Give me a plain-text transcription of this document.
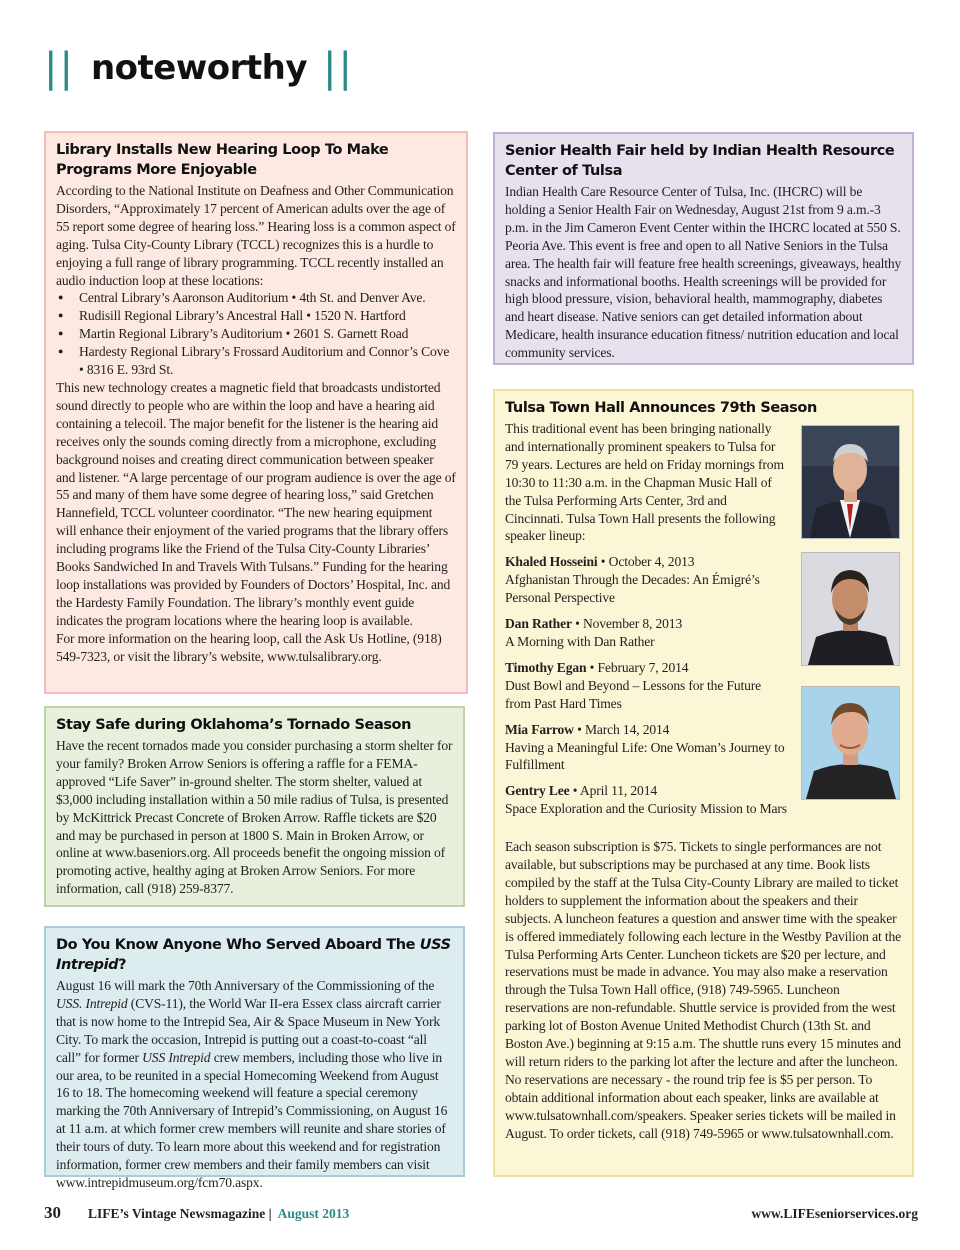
|| noteworthy ||
Library Installs New Hearing Loop To Make Programs More Enjoyable

According to the National Institute on Deafness and Other Communication Disorders, “Approximately 17 percent of American adults over the age of 55 report some degree of hearing loss.” Hearing loss is a common aspect of aging. Tulsa City-County Library (TCCL) recognizes this is a hurdle to enjoying a full range of library programming. TCCL recently installed an audio induction loop at these locations:

● Central Library’s Aaronson Auditorium • 4th St. and Denver Ave.
● Rudisill Regional Library’s Ancestral Hall • 1520 N. Hartford
● Martin Regional Library’s Auditorium • 2601 S. Garnett Road
● Hardesty Regional Library’s Frossard Auditorium and Connor’s Cove • 8316 E. 93rd St.

This new technology creates a magnetic field that broadcasts undistorted sound directly to people who are within the loop and have a hearing aid containing a telecoil. The major benefit for the listener is the hearing aid receives only the sounds coming directly from a microphone, excluding background noises and creating direct communication between speaker and listener. “A large percentage of our program audience is over the age of 55 and many of them have some degree of hearing loss,” said Gretchen Hannefield, TCCL volunteer coordinator. “The new hearing equipment will enhance their enjoyment of the varied programs that the library offers including programs like the Friend of the Tulsa City-County Libraries’ Books Sandwiched In and Travels With Tulsans.” Funding for the hearing loop installations was provided by Founders of Doctors’ Hospital, Inc. and the Hardesty Family Foundation. The library’s monthly event guide indicates the program locations where the hearing loop is available.

For more information on the hearing loop, call the Ask Us Hotline, (918) 549-7323, or visit the library’s website, www.tulsalibrary.org.

Stay Safe during Oklahoma’s Tornado Season

Have the recent tornados made you consider purchasing a storm shelter for your family? Broken Arrow Seniors is offering a raffle for a FEMA-approved “Life Saver” in-ground shelter. The storm shelter, valued at $3,000 including installation within a 50 mile radius of Tulsa, is presented by McKittrick Precast Concrete of Broken Arrow. Raffle tickets are $20 and may be purchased in person at 1800 S. Main in Broken Arrow, or online at www.baseniors.org. All proceeds benefit the ongoing mission of promoting active, healthy aging at Broken Arrow Seniors. For more information, call (918) 259-8377.

Do You Know Anyone Who Served Aboard The USS Intrepid?

August 16 will mark the 70th Anniversary of the Commissioning of the USS. Intrepid (CVS-11), the World War II-era Essex class aircraft carrier that is now home to the Intrepid Sea, Air & Space Museum in New York City. To mark the occasion, Intrepid is putting out a coast-to-coast “all call” for former USS Intrepid crew members, including those who live in our area, to be reunited in a special Homecoming Weekend from August 16 to 18. The homecoming weekend will feature a special ceremony marking the 70th Anniversary of Intrepid’s Commissioning, on August 16 at 11 a.m. at which former crew members will reunite and share stories of their tours of duty. To learn more about this weekend and for registration information, former crew members and their family members can visit www.intrepidmuseum.org/fcm70.aspx.

Senior Health Fair held by Indian Health Resource Center of Tulsa

Indian Health Care Resource Center of Tulsa, Inc. (IHCRC) will be holding a Senior Health Fair on Wednesday, August 21st from 9 a.m.-3 p.m. in the Jim Cameron Event Center within the IHCRC located at 550 S. Peoria Ave. This event is free and open to all Native Seniors in the Tulsa area. The health fair will feature free health screenings, giveaways, healthy snacks and informational booths. Health screenings will be provided for high blood pressure, vision, behavioral health, mammography, diabetes and heart disease. Native seniors can get detailed information about Medicare, health insurance education fitness/ nutrition education and local community services.

Tulsa Town Hall Announces 79th Season

This traditional event has been bringing nationally and internationally prominent speakers to Tulsa for 79 years. Lectures are held on Friday mornings from 10:30 to 11:30 a.m. in the Chapman Music Hall of the Tulsa Performing Arts Center, 3rd and Cincinnati. Tulsa Town Hall presents the following speaker lineup:

Khaled Hosseini • October 4, 2013

Afghanistan Through the Decades: An Émigré’s Personal Perspective

Dan Rather • November 8, 2013

A Morning with Dan Rather

Timothy Egan • February 7, 2014

Dust Bowl and Beyond – Lessons for the Future from Past Hard Times

Mia Farrow • March 14, 2014

Having a Meaningful Life: One Woman’s Journey to Fulfillment

Gentry Lee • April 11, 2014

Space Exploration and the Curiosity Mission to Mars

Each season subscription is $75. Tickets to single performances are not available, but subscriptions may be purchased at any time. Book lists compiled by the staff at the Tulsa City-County Library are mailed to ticket holders to supplement the information about the speakers and their subjects. A luncheon features a question and answer time with the speaker is offered immediately following each lecture in the Westby Pavilion at the Tulsa Performing Arts Center. Luncheon tickets are $20 per lecture, and reservations must be made in advance. You may also make a reservation through the Tulsa Town Hall office, (918) 749-5965. Luncheon reservations are non-refundable. Shuttle service is provided from the west parking lot of Boston Avenue United Methodist Church (13th St. and Boston Ave.) beginning at 9:15 a.m. The shuttle runs every 15 minutes and will return riders to the parking lot after the lecture and after the luncheon. No reservations are necessary - the round trip fee is $5 per person. To obtain additional information about each speaker, links are available at www.tulsatownhall.com/speakers. Speaker series tickets will be mailed in August. To order tickets, call (918) 749-5965 or www.tulsatownhall.com.

30	LIFE’s Vintage Newsmagazine | August 2013	www.LIFEseniorservices.org
